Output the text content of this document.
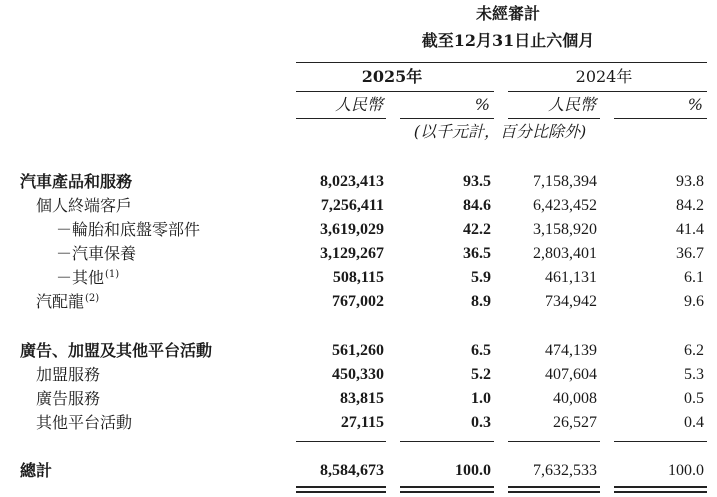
未經審計
截至12月31日止六個月
2025年	2024年
人民幣	%	人民幣	%
(以千元計，百分比除外)
汽車產品和服務	8,023,413	93.5	7,158,394	93.8
個人終端客戶	7,256,411	84.6	6,423,452	84.2
－輪胎和底盤零部件	3,619,029	42.2	3,158,920	41.4
－汽車保養	3,129,267	36.5	2,803,401	36.7
－其他$^{(1)}$	508,115	5.9	461,131	6.1
汽配龍$^{(2)}$	767,002	8.9	734,942	9.6
廣告、加盟及其他平台活動	561,260	6.5	474,139	6.2
加盟服務	450,330	5.2	407,604	5.3
廣告服務	83,815	1.0	40,008	0.5
其他平台活動	27,115	0.3	26,527	0.4
總計	8,584,673	100.0	7,632,533	100.0
